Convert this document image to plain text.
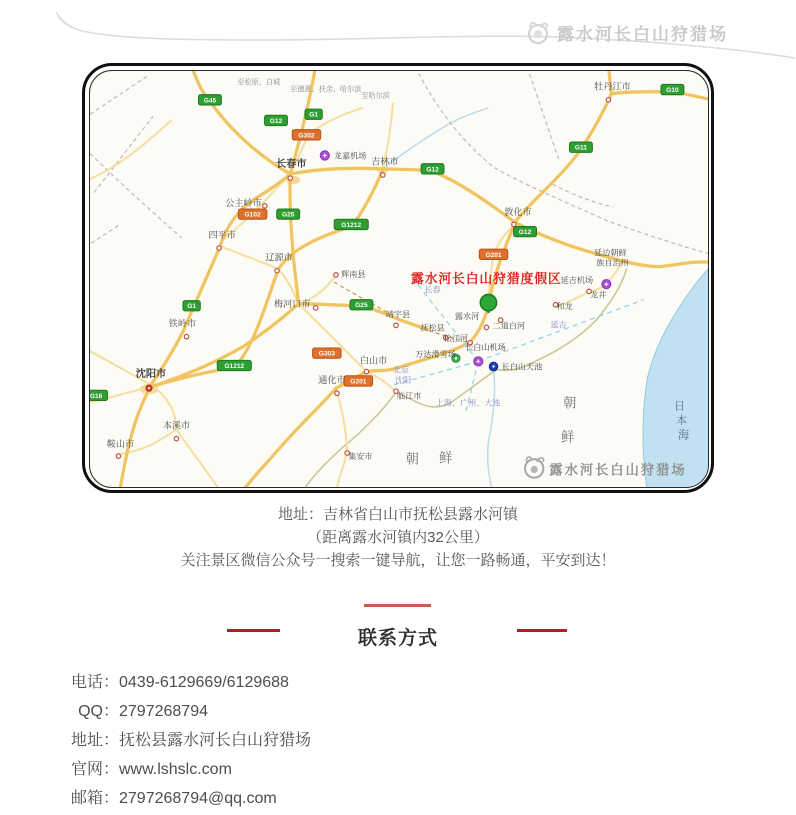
露水河长白山狩猎场
G45
G12
G1
G302
G12
G11
G10
G102	G25
G1212
G12
G201
G25
G1
G1212
G16
G303
G201
至松原、白城
至德惠、扶余、哈尔滨
至哈尔滨
长春市	吉林市
龙嘉机场
公主岭市
四平市
辽源市
辉南县
梅河口市
铁岭市
沈阳市
本溪市
鞍山市
白山市
通化市
集安市
临江市
牡丹江市
敦化市
延边朝鲜
族自治州
延吉机场
龙井
和龙
靖宇县
抚松县
松江河
露水河
二道白河
长白山机场
万达滑雪场
长白山天池
长春
延吉
北京
沈阳
上海、广州、大连
朝 鲜
朝
鲜
日
本
海
露水河长白山狩猎度假区
露水河长白山狩猎场
地址：吉林省白山市抚松县露水河镇
（距离露水河镇内32公里）
关注景区微信公众号一搜索一键导航，让您一路畅通，平安到达！
联系方式
电话：0439-6129669/6129688
QQ：2797268794
地址：抚松县露水河长白山狩猎场
官网：www.lshslc.com
邮箱：2797268794@qq.com
